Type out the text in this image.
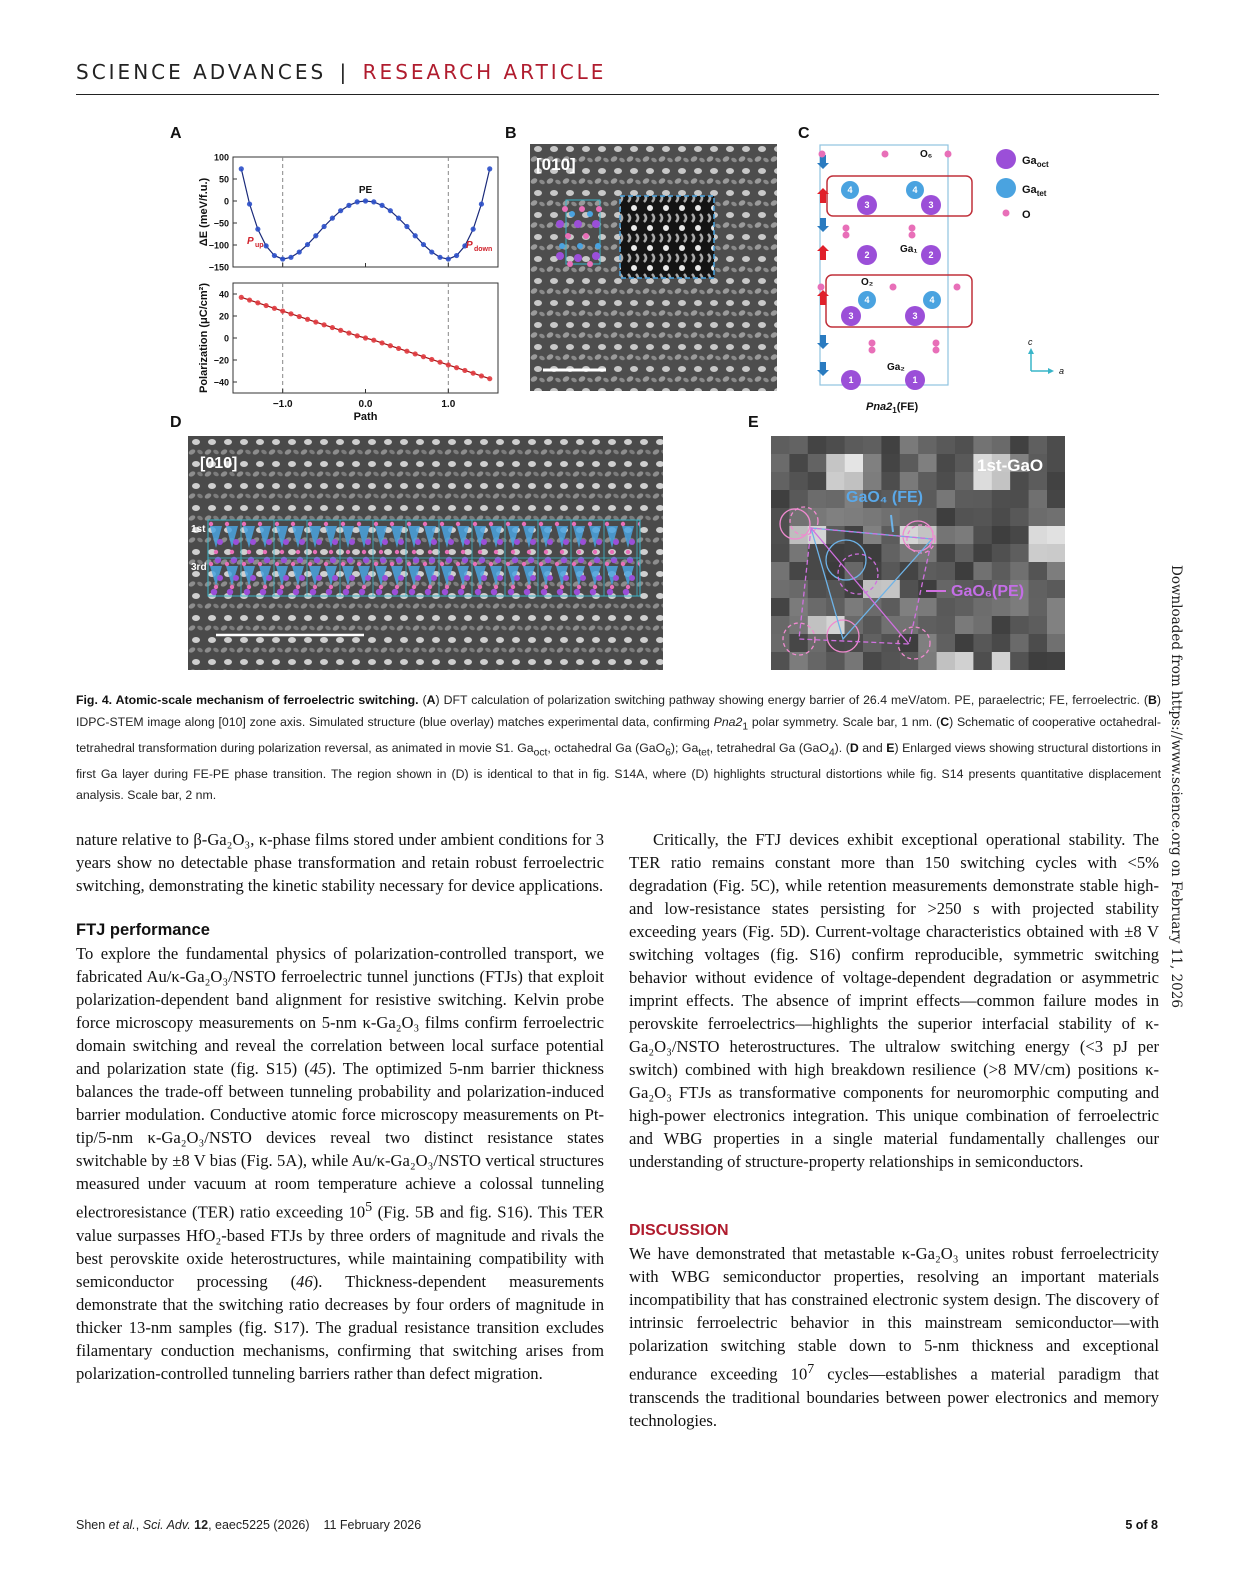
SCIENCE ADVANCES | RESEARCH ARTICLE
A	B	C
D	E
100
50
0
−50
−100
−150
ΔE (meV/f.u.)	PE
P up	P down
40
20
0
−20
−40
−1.0	0.0	1.0
Polarization (μC/cm²)
Path
[010]
4	4
3	3
2	2
4	4
3	3
1	1
O₆
Ga₁
O₂
Ga₂
$Ga_{oct}$
$Ga_{tet}$
O
c
a
$Pna2_1(FE)$
[010]
1st
3rd
1st-GaO
GaO₄ (FE)
GaO₆(PE)
Fig. 4. Atomic-scale mechanism of ferroelectric switching. (A) DFT calculation of polarization switching pathway showing energy barrier of 26.4 meV/atom. PE, paraelectric; FE, ferroelectric. (B) IDPC-STEM image along [010] zone axis. Simulated structure (blue overlay) matches experimental data, confirming $Pna2_1$ polar symmetry. Scale bar, 1 nm. (C) Schematic of cooperative octahedral-tetrahedral transformation during polarization reversal, as animated in movie S1. $Ga_{oct}$, octahedral Ga (GaO$_6$); $Ga_{tet}$, tetrahedral Ga (GaO$_4$). (D and E) Enlarged views showing structural distortions in first Ga layer during FE-PE phase transition. The region shown in (D) is identical to that in fig. S14A, where (D) highlights structural distortions while fig. S14 presents quantitative displacement analysis. Scale bar, 2 nm.

nature relative to β-Ga₂O₃, κ-phase films stored under ambient conditions for 3 years show no detectable phase transformation and retain robust ferroelectric switching, demonstrating the kinetic stability necessary for device applications.

FTJ performance

To explore the fundamental physics of polarization-controlled transport, we fabricated Au/κ-Ga₂O₃/NSTO ferroelectric tunnel junctions (FTJs) that exploit polarization-dependent band alignment for resistive switching. Kelvin probe force microscopy measurements on 5-nm κ-Ga₂O₃ films confirm ferroelectric domain switching and reveal the correlation between local surface potential and polarization state (fig. S15) (45). The optimized 5-nm barrier thickness balances the trade-off between tunneling probability and polarization-induced barrier modulation. Conductive atomic force microscopy measurements on Pt-tip/5-nm κ-Ga₂O₃/NSTO devices reveal two distinct resistance states switchable by ±8 V bias (Fig. 5A), while Au/κ-Ga₂O₃/NSTO vertical structures measured under vacuum at room temperature achieve a colossal tunneling electroresistance (TER) ratio exceeding $10^5$ (Fig. 5B and fig. S16). This TER value surpasses HfO₂-based FTJs by three orders of magnitude and rivals the best perovskite oxide heterostructures, while maintaining compatibility with semiconductor processing (46). Thickness-dependent measurements demonstrate that the switching ratio decreases by four orders of magnitude in thicker 13-nm samples (fig. S17). The gradual resistance transition excludes filamentary conduction mechanisms, confirming that switching arises from polarization-controlled tunneling barriers rather than defect migration.

Critically, the FTJ devices exhibit exceptional operational stability. The TER ratio remains constant more than 150 switching cycles with <5% degradation (Fig. 5C), while retention measurements demonstrate stable high- and low-resistance states persisting for >250 s with projected stability exceeding years (Fig. 5D). Current-voltage characteristics obtained with ±8 V switching voltages (fig. S16) confirm reproducible, symmetric switching behavior without evidence of voltage-dependent degradation or asymmetric imprint effects. The absence of imprint effects—common failure modes in perovskite ferroelectrics—highlights the superior interfacial stability of κ-Ga₂O₃/NSTO heterostructures. The ultralow switching energy (<3 pJ per switch) combined with high breakdown resilience (>8 MV/cm) positions κ-Ga₂O₃ FTJs as transformative components for neuromorphic computing and high-power electronics integration. This unique combination of ferroelectric and WBG properties in a single material fundamentally challenges our understanding of structure-property relationships in semiconductors.

DISCUSSION

We have demonstrated that metastable κ-Ga₂O₃ unites robust ferroelectricity with WBG semiconductor properties, resolving an important materials incompatibility that has constrained electronic system design. The discovery of intrinsic ferroelectric behavior in this mainstream semiconductor—with polarization switching stable down to 5-nm thickness and exceptional endurance exceeding $10^7$ cycles—establishes a material paradigm that transcends the traditional boundaries between power electronics and memory technologies.

Downloaded from https://www.science.org on February 11, 2026
Shen et al., Sci. Adv. 12, eaec5225 (2026) 11 February 2026	5 of 8
